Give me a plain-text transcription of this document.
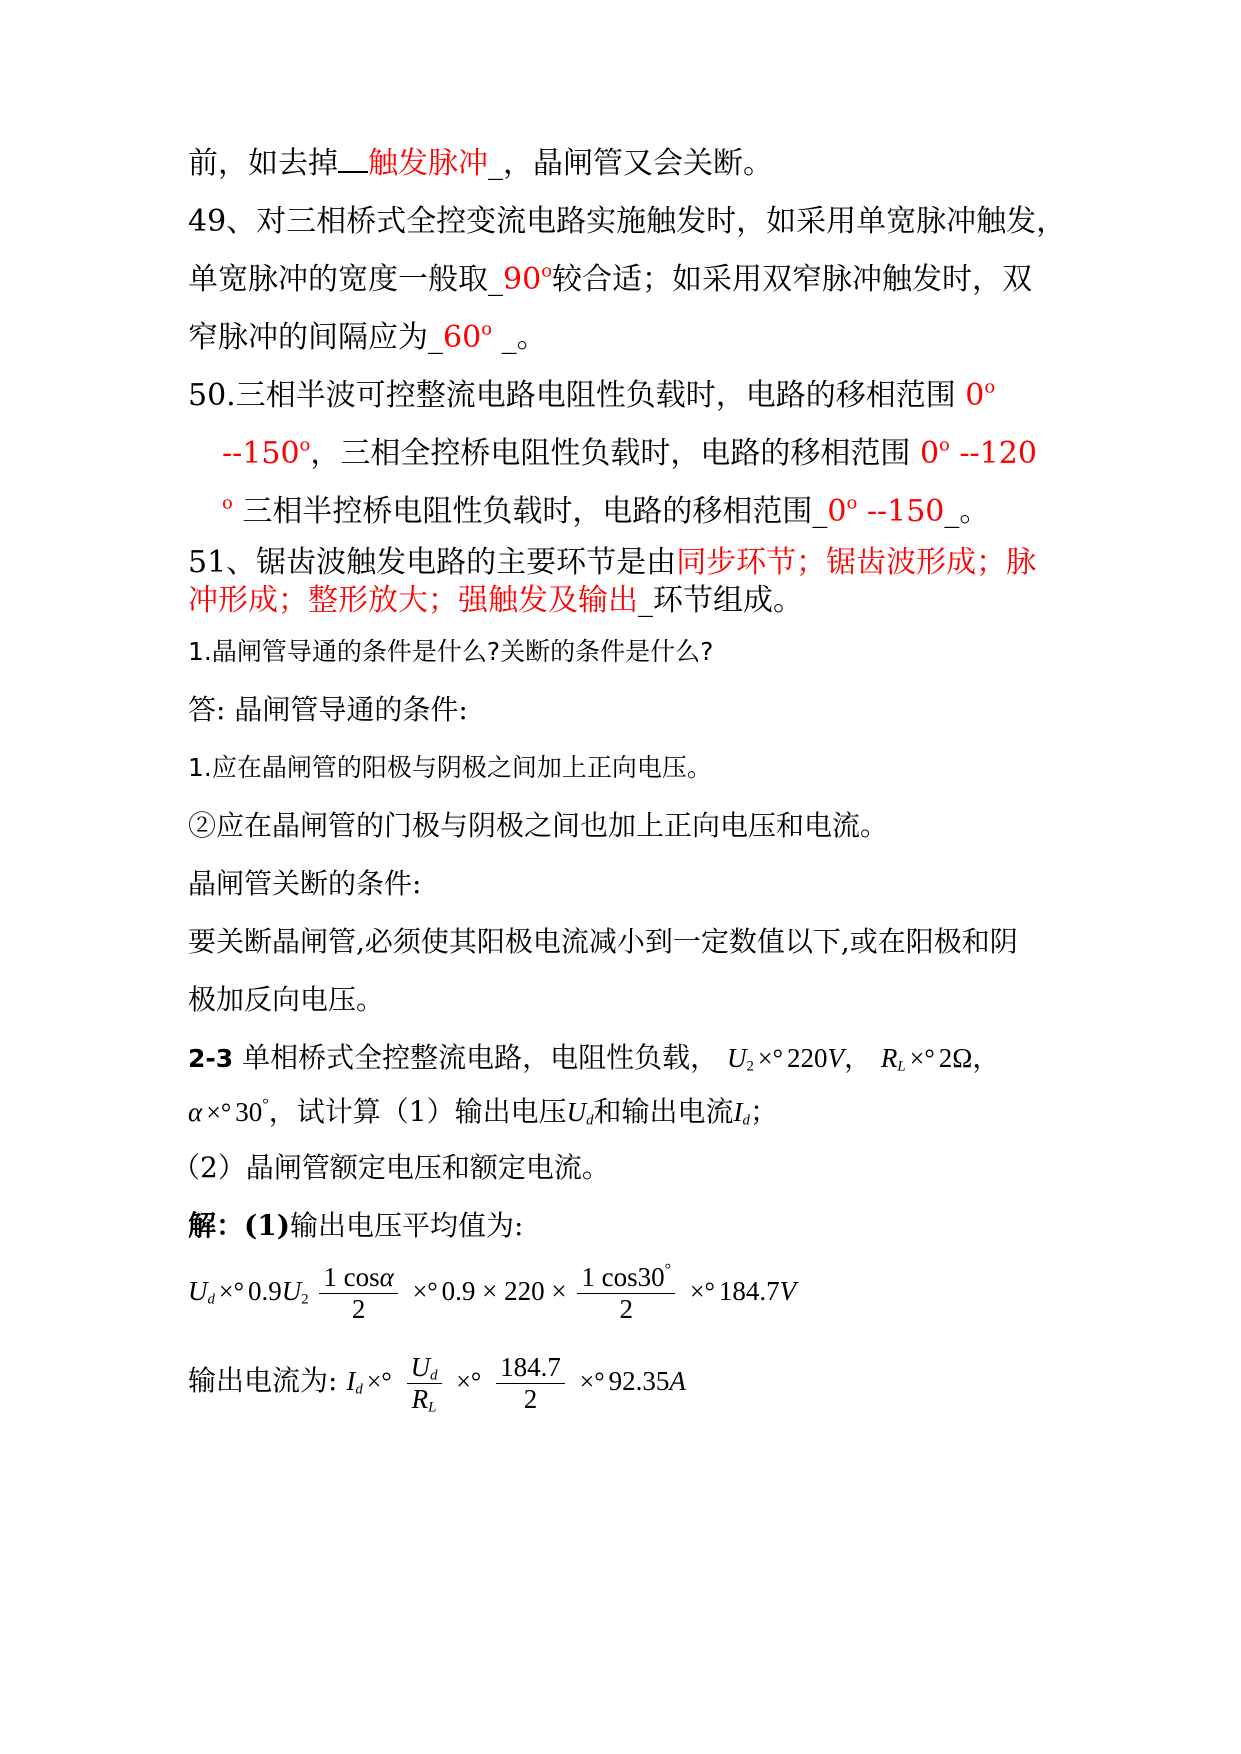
前，如去掉 触发脉冲_，晶闸管又会关断。
49、对三相桥式全控变流电路实施触发时，如采用单宽脉冲触发，
单宽脉冲的宽度一般取_90$^o$较合适；如采用双窄脉冲触发时，双
窄脉冲的间隔应为_60$^o$ _。
50.三相半波可控整流电路电阻性负载时，电路的移相范围 0$^o$
--150$^o$，三相全控桥电阻性负载时，电路的移相范围 0$^o$ --120
$^o$ 三相半控桥电阻性负载时，电路的移相范围_0$^o$ --150_。
51、锯齿波触发电路的主要环节是由同步环节；锯齿波形成；脉
冲形成；整形放大；强触发及输出_环节组成。
1.晶闸管导通的条件是什么?关断的条件是什么?
答: 晶闸管导通的条件:
1.应在晶闸管的阳极与阴极之间加上正向电压。
②应在晶闸管的门极与阴极之间也加上正向电压和电流。
晶闸管关断的条件:
要关断晶闸管,必须使其阳极电流减小到一定数值以下,或在阳极和阴
极加反向电压。
2-3 单相桥式全控整流电路，电阻性负载， $U_2$ ×° 220V， $R_L$ ×° 2Ω，
α ×° 30°，试计算（1）输出电压$U_d$和输出电流$I_d$；
（2）晶闸管额定电压和额定电流。
解：(1)输出电压平均值为:
$U_d$ ×° $0.9U_2 \frac{1 \cos\alpha}{2}$ ×° $0.9 \times 220 \times \frac{1 \cos 30^\circ}{2}$ ×° 184.7V
输出电流为: $I_d$ ×° $\frac{U_d}{R_L}$ ×° $\frac{184.7}{2}$ ×° 92.35A
